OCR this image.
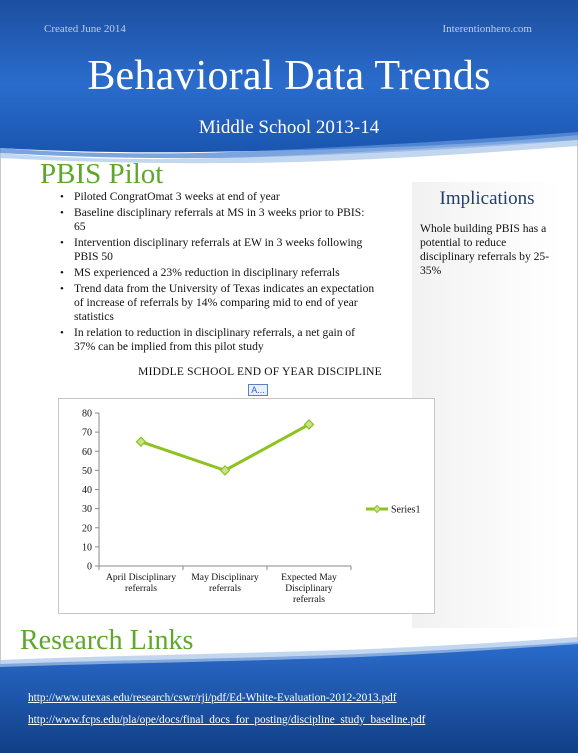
Created June 2014	Interentionhero.com
Behavioral Data Trends
Middle School 2013-14
PBIS Pilot
• Piloted CongratOmat 3 weeks at end of year
• Baseline disciplinary referrals at MS in 3 weeks prior to PBIS: 65
• Intervention disciplinary referrals at EW in 3 weeks following PBIS 50
• MS experienced a 23% reduction in disciplinary referrals
• Trend data from the University of Texas indicates an expectation of increase of referrals by 14% comparing mid to end of year statistics
• In relation to reduction in disciplinary referrals, a net gain of 37% can be implied from this pilot study
Implications
Whole building PBIS has a potential to reduce disciplinary referrals by 25-35%
MIDDLE SCHOOL END OF YEAR DISCIPLINE
A...
0
10
20
30
40
50
60
70
80
April Disciplinary referrals
May Disciplinary referrals
Expected May Disciplinary referrals
Series1
Research Links
http://www.utexas.edu/research/cswr/rji/pdf/Ed-White-Evaluation-2012-2013.pdf
http://www.fcps.edu/pla/ope/docs/final_docs_for_posting/discipline_study_baseline.pdf
